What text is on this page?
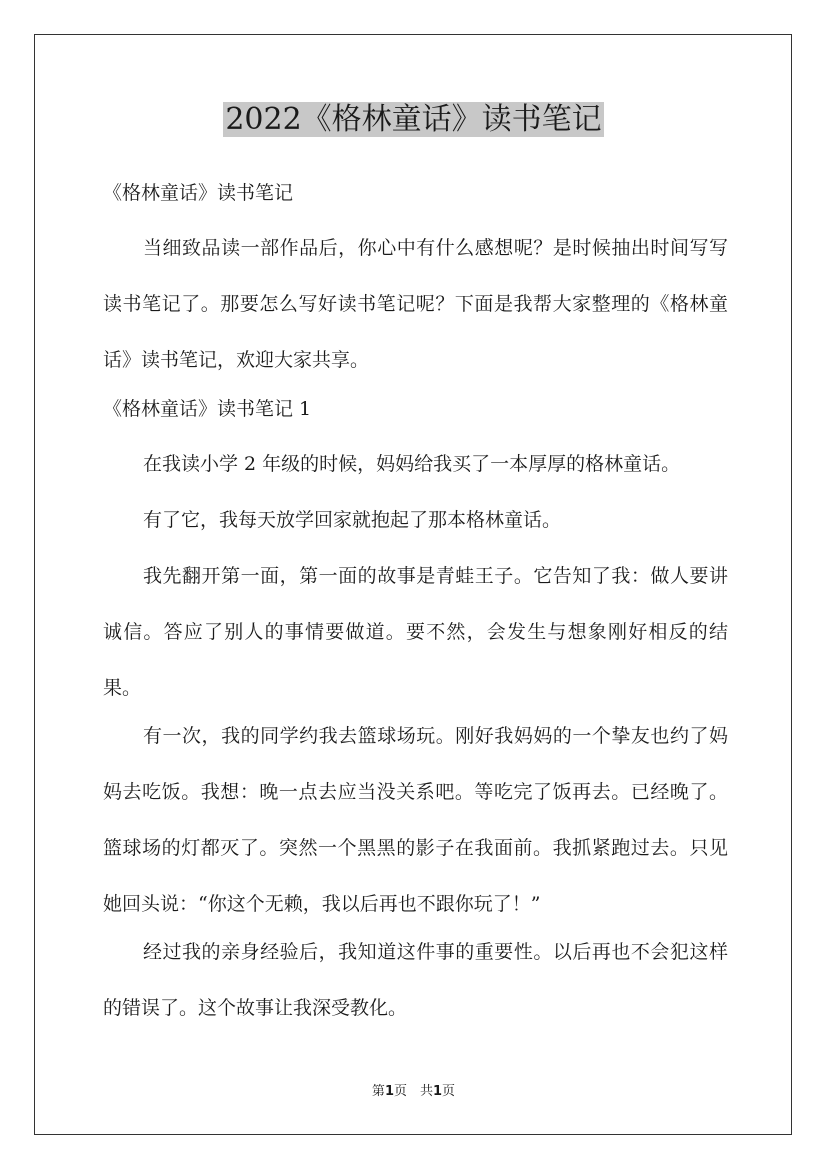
2022《格林童话》读书笔记

《格林童话》读书笔记

当细致品读一部作品后，你心中有什么感想呢？是时候抽出时间写写读书笔记了。那要怎么写好读书笔记呢？下面是我帮大家整理的《格林童话》读书笔记，欢迎大家共享。

《格林童话》读书笔记 1

在我读小学 2 年级的时候，妈妈给我买了一本厚厚的格林童话。

有了它，我每天放学回家就抱起了那本格林童话。

我先翻开第一面，第一面的故事是青蛙王子。它告知了我：做人要讲诚信。答应了别人的事情要做道。要不然，会发生与想象刚好相反的结果。

有一次，我的同学约我去篮球场玩。刚好我妈妈的一个挚友也约了妈妈去吃饭。我想：晚一点去应当没关系吧。等吃完了饭再去。已经晚了。篮球场的灯都灭了。突然一个黑黑的影子在我面前。我抓紧跑过去。只见她回头说：“你这个无赖，我以后再也不跟你玩了！”

经过我的亲身经验后，我知道这件事的重要性。以后再也不会犯这样的错误了。这个故事让我深受教化。

第1页　共1页
